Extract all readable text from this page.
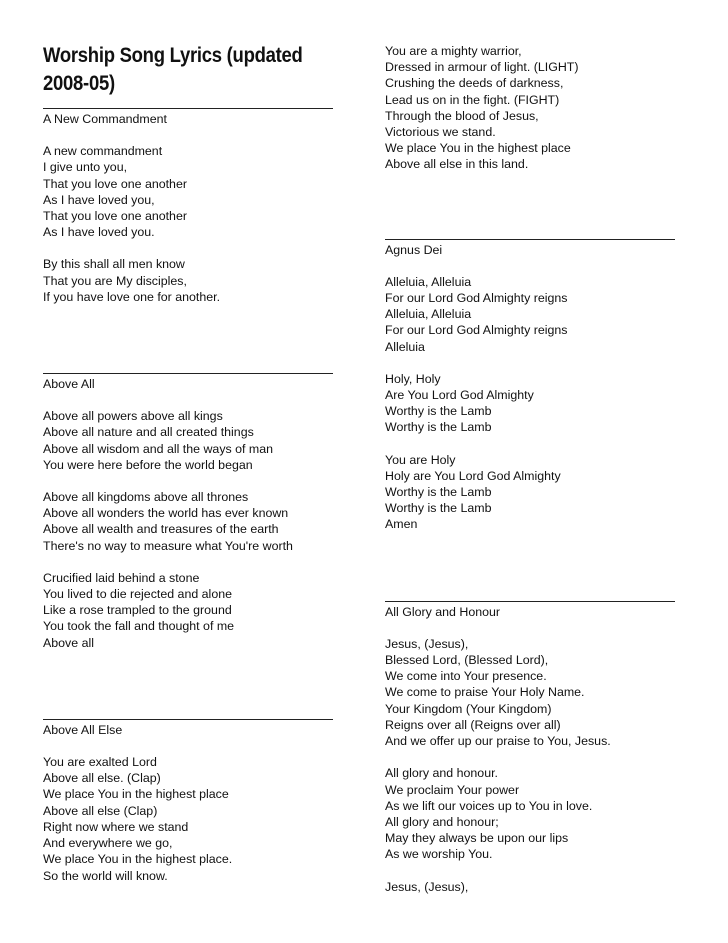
Worship Song Lyrics (updated 2008-05)
A New Commandment
A new commandment
I give unto you,
That you love one another
As I have loved you,
That you love one another
As I have loved you.
By this shall all men know
That you are My disciples,
If you have love one for another.
Above All
Above all powers above all kings
Above all nature and all created things
Above all wisdom and all the ways of man
You were here before the world began
Above all kingdoms above all thrones
Above all wonders the world has ever known
Above all wealth and treasures of the earth
There's no way to measure what You're worth
Crucified laid behind a stone
You lived to die rejected and alone
Like a rose trampled to the ground
You took the fall and thought of me
Above all
Above All Else
You are exalted Lord
Above all else. (Clap)
We place You in the highest place
Above all else (Clap)
Right now where we stand
And everywhere we go,
We place You in the highest place.
So the world will know.
You are a mighty warrior,
Dressed in armour of light. (LIGHT)
Crushing the deeds of darkness,
Lead us on in the fight. (FIGHT)
Through the blood of Jesus,
Victorious we stand.
We place You in the highest place
Above all else in this land.
Agnus Dei
Alleluia, Alleluia
For our Lord God Almighty reigns
Alleluia, Alleluia
For our Lord God Almighty reigns
Alleluia
Holy, Holy
Are You Lord God Almighty
Worthy is the Lamb
Worthy is the Lamb
You are Holy
Holy are You Lord God Almighty
Worthy is the Lamb
Worthy is the Lamb
Amen
All Glory and Honour
Jesus, (Jesus),
Blessed Lord, (Blessed Lord),
We come into Your presence.
We come to praise Your Holy Name.
Your Kingdom (Your Kingdom)
Reigns over all (Reigns over all)
And we offer up our praise to You, Jesus.
All glory and honour.
We proclaim Your power
As we lift our voices up to You in love.
All glory and honour;
May they always be upon our lips
As we worship You.
Jesus, (Jesus),
